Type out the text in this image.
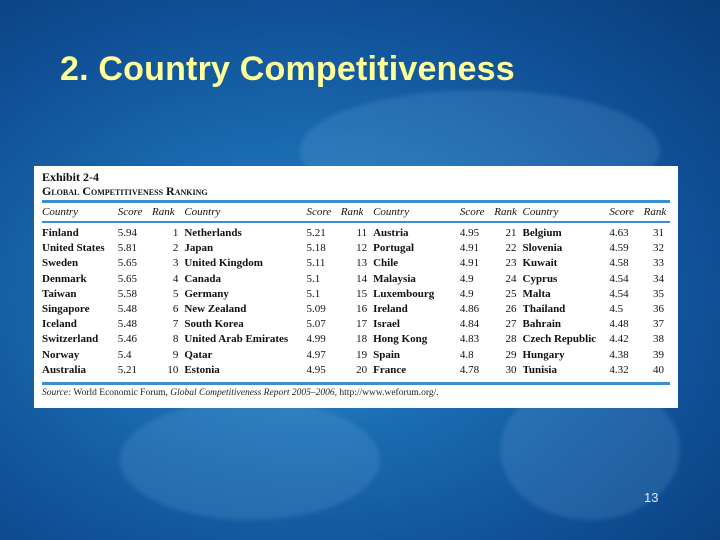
2. Country Competitiveness
Exhibit 2-4
Global Competitiveness Ranking
Country	Score	Rank	Country	Score	Rank	Country	Score	Rank	Country	Score	Rank

Finland	5.94	1	Netherlands	5.21	11	Austria	4.95	21	Belgium	4.63	31
United States	5.81	2	Japan	5.18	12	Portugal	4.91	22	Slovenia	4.59	32
Sweden	5.65	3	United Kingdom	5.11	13	Chile	4.91	23	Kuwait	4.58	33
Denmark	5.65	4	Canada	5.1	14	Malaysia	4.9	24	Cyprus	4.54	34
Taiwan	5.58	5	Germany	5.1	15	Luxembourg	4.9	25	Malta	4.54	35
Singapore	5.48	6	New Zealand	5.09	16	Ireland	4.86	26	Thailand	4.5	36
Iceland	5.48	7	South Korea	5.07	17	Israel	4.84	27	Bahrain	4.48	37
Switzerland	5.46	8	United Arab Emirates	4.99	18	Hong Kong	4.83	28	Czech Republic	4.42	38
Norway	5.4	9	Qatar	4.97	19	Spain	4.8	29	Hungary	4.38	39
Australia	5.21	10	Estonia	4.95	20	France	4.78	30	Tunisia	4.32	40
Source: World Economic Forum, Global Competitiveness Report 2005–2006, http://www.weforum.org/.
13
